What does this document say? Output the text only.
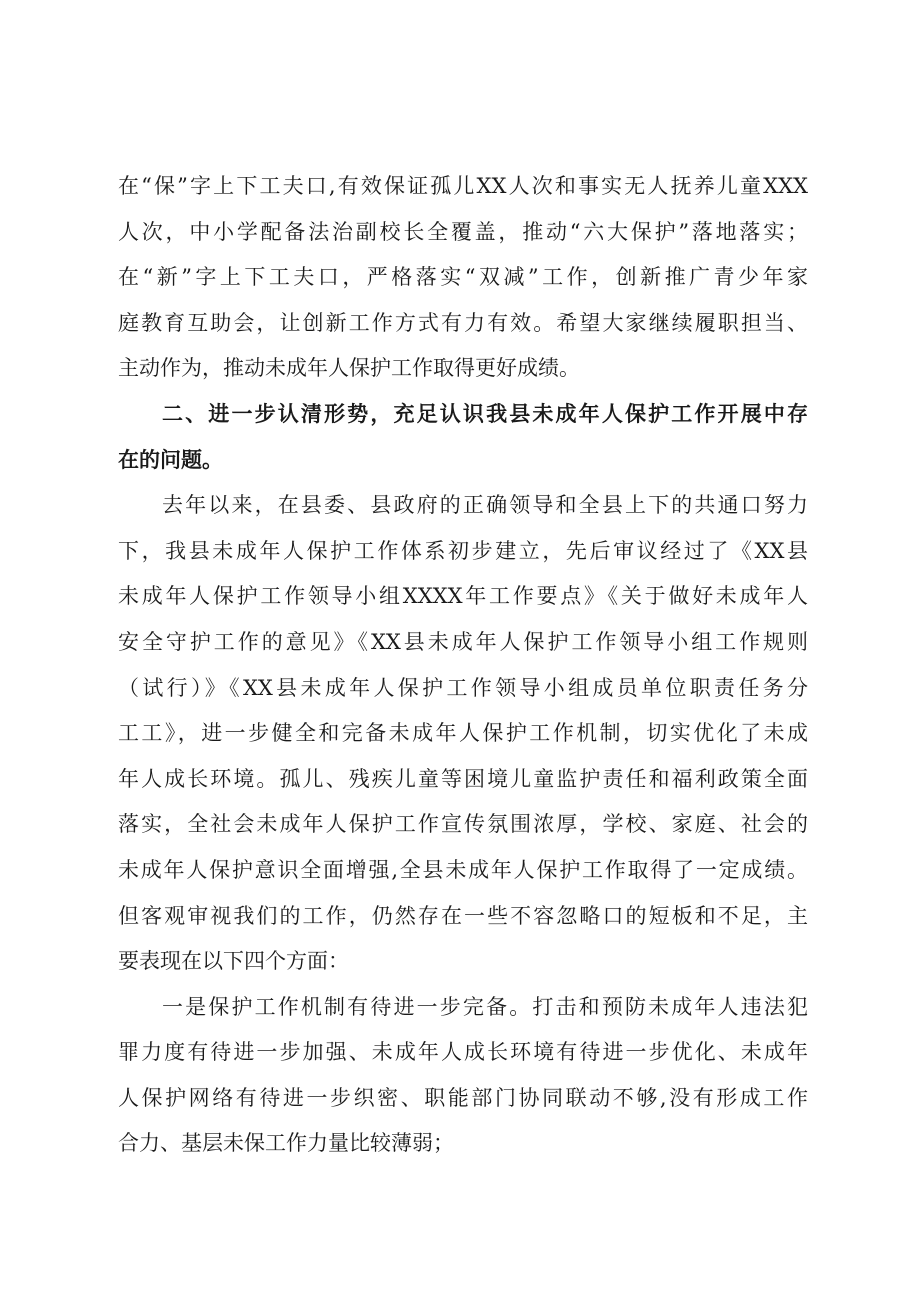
在“保”字上下工夫口,有效保证孤儿XX人次和事实无人抚养儿童XXX
人次，中小学配备法治副校长全覆盖，推动“六大保护”落地落实；
在“新”字上下工夫口，严格落实“双减”工作，创新推广青少年家
庭教育互助会，让创新工作方式有力有效。希望大家继续履职担当、
主动作为，推动未成年人保护工作取得更好成绩。
二、进一步认清形势，充足认识我县未成年人保护工作开展中存
在的问题。
去年以来，在县委、县政府的正确领导和全县上下的共通口努力
下，我县未成年人保护工作体系初步建立，先后审议经过了《XX县
未成年人保护工作领导小组XXXX年工作要点》《关于做好未成年人
安全守护工作的意见》《XX县未成年人保护工作领导小组工作规则
（试行）》《XX县未成年人保护工作领导小组成员单位职责任务分
工工》，进一步健全和完备未成年人保护工作机制，切实优化了未成
年人成长环境。孤儿、残疾儿童等困境儿童监护责任和福利政策全面
落实，全社会未成年人保护工作宣传氛围浓厚，学校、家庭、社会的
未成年人保护意识全面增强,全县未成年人保护工作取得了一定成绩。
但客观审视我们的工作，仍然存在一些不容忽略口的短板和不足，主
要表现在以下四个方面：
一是保护工作机制有待进一步完备。打击和预防未成年人违法犯
罪力度有待进一步加强、未成年人成长环境有待进一步优化、未成年
人保护网络有待进一步织密、职能部门协同联动不够,没有形成工作
合力、基层未保工作力量比较薄弱；
